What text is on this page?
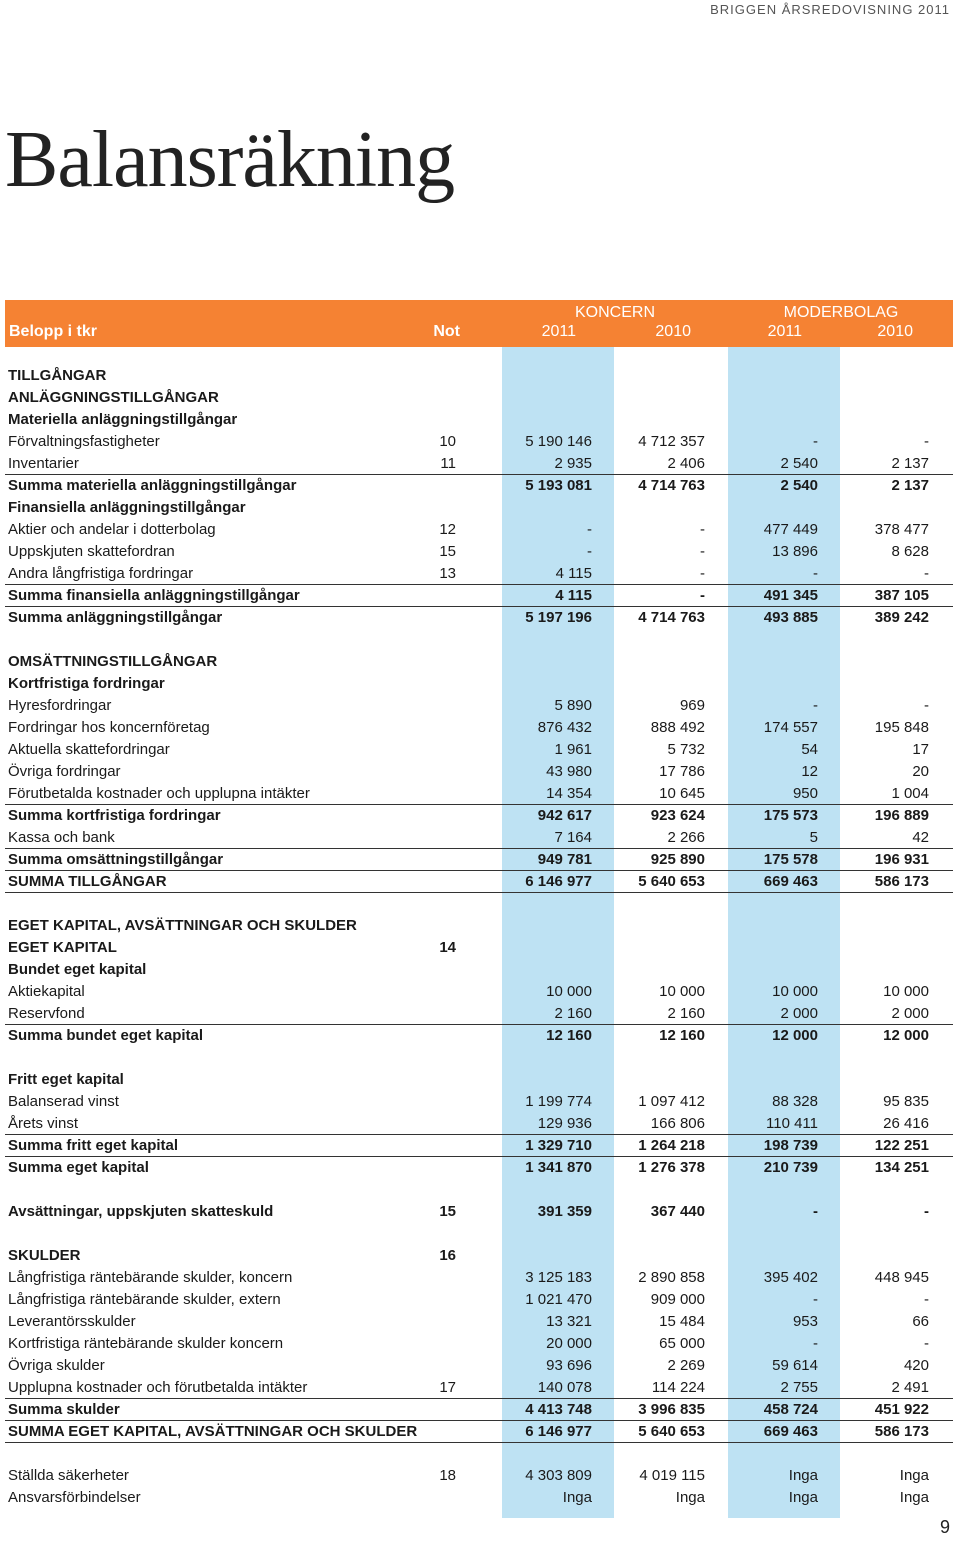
BRIGGEN ÅRSREDOVISNING 2011
Balansräkning
Belopp i tkr	Not
KONCERN	MODERBOLAG
2011	2010	2011	2010
TILLGÅNGAR
ANLÄGGNINGSTILLGÅNGAR
Materiella anläggningstillgångar
Förvaltningsfastigheter	10	5 190 146	4 712 357	-	-
Inventarier	11	2 935	2 406	2 540	2 137
Summa materiella anläggningstillgångar	5 193 081	4 714 763	2 540	2 137
Finansiella anläggningstillgångar
Aktier och andelar i dotterbolag	12	-	-	477 449	378 477
Uppskjuten skattefordran	15	-	-	13 896	8 628
Andra långfristiga fordringar	13	4 115	-	-	-
Summa finansiella anläggningstillgångar	4 115	-	491 345	387 105
Summa anläggningstillgångar	5 197 196	4 714 763	493 885	389 242
OMSÄTTNINGSTILLGÅNGAR
Kortfristiga fordringar
Hyresfordringar	5 890	969	-	-
Fordringar hos koncernföretag	876 432	888 492	174 557	195 848
Aktuella skattefordringar	1 961	5 732	54	17
Övriga fordringar	43 980	17 786	12	20
Förutbetalda kostnader och upplupna intäkter	14 354	10 645	950	1 004
Summa kortfristiga fordringar	942 617	923 624	175 573	196 889
Kassa och bank	7 164	2 266	5	42
Summa omsättningstillgångar	949 781	925 890	175 578	196 931
SUMMA TILLGÅNGAR	6 146 977	5 640 653	669 463	586 173
EGET KAPITAL, AVSÄTTNINGAR OCH SKULDER
EGET KAPITAL	14
Bundet eget kapital
Aktiekapital	10 000	10 000	10 000	10 000
Reservfond	2 160	2 160	2 000	2 000
Summa bundet eget kapital	12 160	12 160	12 000	12 000
Fritt eget kapital
Balanserad vinst	1 199 774	1 097 412	88 328	95 835
Årets vinst	129 936	166 806	110 411	26 416
Summa fritt eget kapital	1 329 710	1 264 218	198 739	122 251
Summa eget kapital	1 341 870	1 276 378	210 739	134 251
Avsättningar, uppskjuten skatteskuld	15	391 359	367 440	-	-
SKULDER	16
Långfristiga räntebärande skulder, koncern	3 125 183	2 890 858	395 402	448 945
Långfristiga räntebärande skulder, extern	1 021 470	909 000	-	-
Leverantörsskulder	13 321	15 484	953	66
Kortfristiga räntebärande skulder koncern	20 000	65 000	-	-
Övriga skulder	93 696	2 269	59 614	420
Upplupna kostnader och förutbetalda intäkter	17	140 078	114 224	2 755	2 491
Summa skulder	4 413 748	3 996 835	458 724	451 922
SUMMA EGET KAPITAL, AVSÄTTNINGAR OCH SKULDER	6 146 977	5 640 653	669 463	586 173
Ställda säkerheter	18	4 303 809	4 019 115	Inga	Inga
Ansvarsförbindelser	Inga	Inga	Inga	Inga
9
